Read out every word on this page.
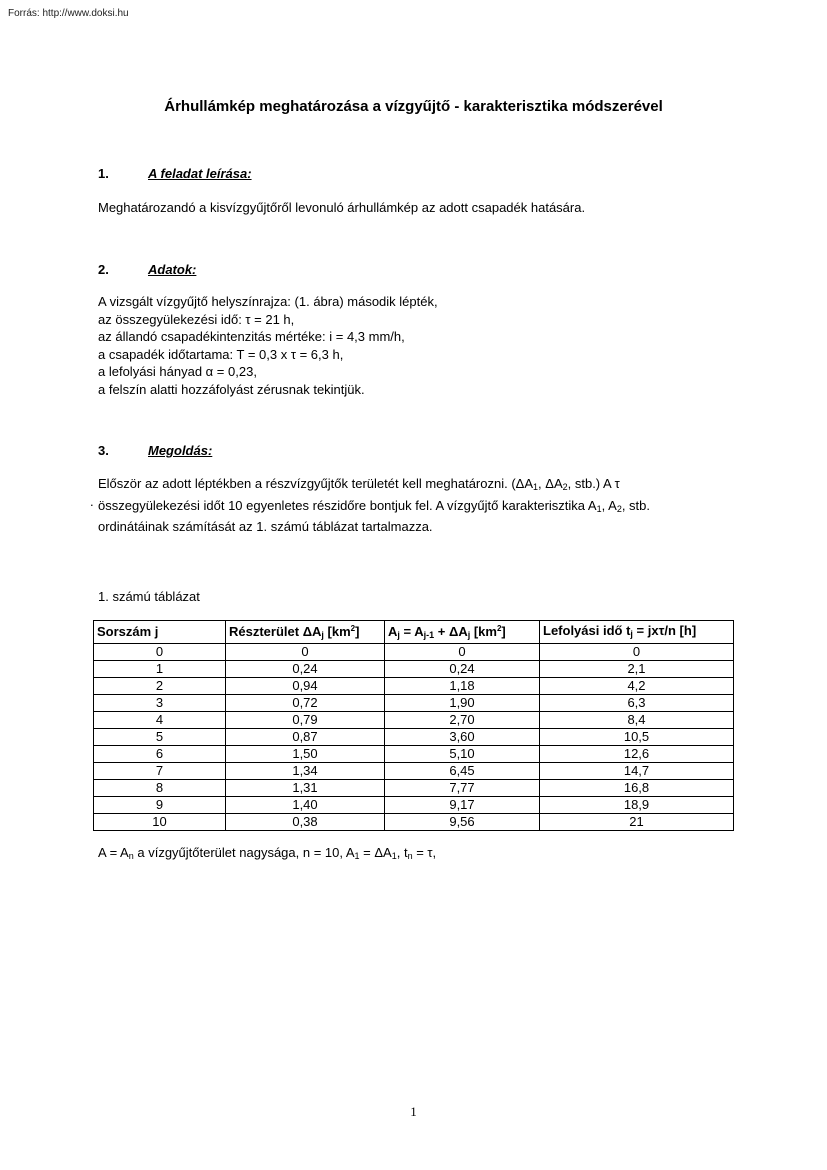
Forrás: http://www.doksi.hu
Árhullámkép meghatározása a vízgyűjtő - karakterisztika módszerével
1.	A feladat leírása:
Meghatározandó a kisvízgyűjtőről levonuló árhullámkép az adott csapadék hatására.
2.	Adatok:
A vizsgált vízgyűjtő helyszínrajza: (1. ábra) második lépték,
az összegyülekezési idő: τ = 21 h,
az állandó csapadékintenzitás mértéke: i = 4,3 mm/h,
a csapadék időtartama: T = 0,3 x τ = 6,3 h,
a lefolyási hányad α = 0,23,
a felszín alatti hozzáfolyást zérusnak tekintjük.
3.	Megoldás:
.
Először az adott léptékben a részvízgyűjtők területét kell meghatározni. ($\Delta A_1$, $\Delta A_2$, stb.) A τ
összegyülekezési időt 10 egyenletes részidőre bontjuk fel. A vízgyűjtő karakterisztika $A_1$, $A_2$, stb.
ordinátáinak számítását az 1. számú táblázat tartalmazza.
1. számú táblázat
Sorszám j	Részterület $\Delta A_j$ $[km^2]$	$A_j = A_{j-1} + \Delta A_j$ $[km^2]$	Lefolyási idő $t_j = jx\tau/n$ [h]
0	0	0	0
1	0,24	0,24	2,1
2	0,94	1,18	4,2
3	0,72	1,90	6,3
4	0,79	2,70	8,4
5	0,87	3,60	10,5
6	1,50	5,10	12,6
7	1,34	6,45	14,7
8	1,31	7,77	16,8
9	1,40	9,17	18,9
10	0,38	9,56	21
$A = A_n$ a vízgyűjtőterület nagysága, n = 10, $A_1 = \Delta A_1$, $t_n = \tau$,
1
